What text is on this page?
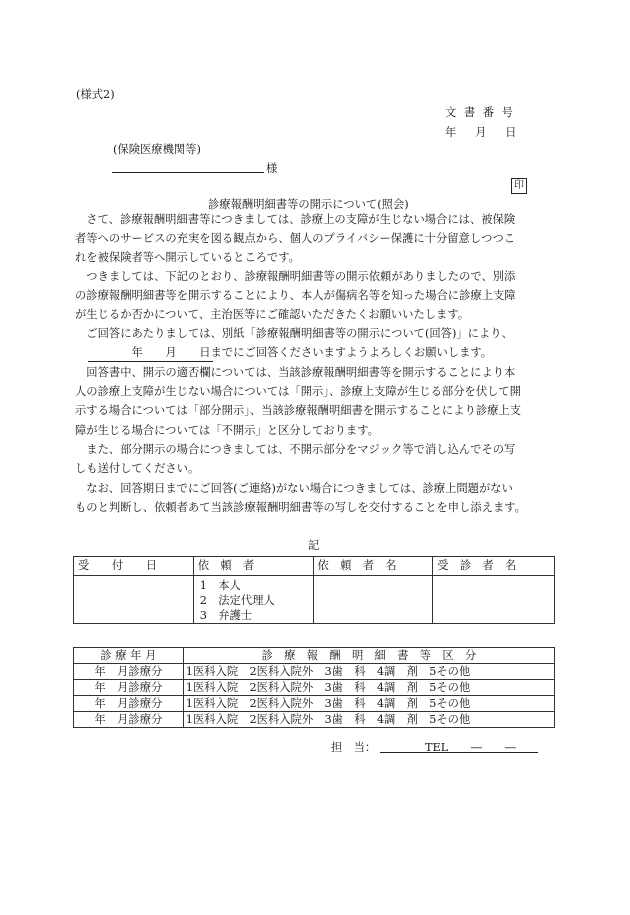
(様式2)
文 書 番 号
年   月   日
(保険医療機関等)
様
印
診療報酬明細書等の開示について(照会)
さて、診療報酬明細書等につきましては、診療上の支障が生じない場合には、被保険
者等へのサービスの充実を図る観点から、個人のプライバシー保護に十分留意しつつこ
れを被保険者等へ開示しているところです。
つきましては、下記のとおり、診療報酬明細書等の開示依頼がありましたので、別添
の診療報酬明細書等を開示することにより、本人が傷病名等を知った場合に診療上支障
が生じるか否かについて、主治医等にご確認いただきたくお願いいたします。
ご回答にあたりましては、別紙「診療報酬明細書等の開示について(回答)」により、
　　　　　年　　月　　日までにご回答くださいますようよろしくお願いします。
回答書中、開示の適否欄については、当該診療報酬明細書等を開示することにより本
人の診療上支障が生じない場合については「開示」、診療上支障が生じる部分を伏して開
示する場合については「部分開示」、当該診療報酬明細書を開示することにより診療上支
障が生じる場合については「不開示」と区分しております。
また、部分開示の場合につきましては、不開示部分をマジック等で消し込んでその写
しも送付してください。
なお、回答期日までにご回答(ご連絡)がない場合につきましては、診療上問題がない
ものと判断し、依頼者あて当該診療報酬明細書等の写しを交付することを申し添えます。
記
受　　付　　日	依　頼　者	依　頼　者　名	受　診　者　名

	1　本人
2　法定代理人
3　弁護士		

診 療 年 月	診　療　報　酬　明　細　書　等　区　分
年　月診療分	1医科入院　2医科入院外　3歯　科　4調　剤　5その他
年　月診療分	1医科入院　2医科入院外　3歯　科　4調　剤　5その他
年　月診療分	1医科入院　2医科入院外　3歯　科　4調　剤　5その他
年　月診療分	1医科入院　2医科入院外　3歯　科　4調　剤　5その他
担　当：	TEL　　―　　―
